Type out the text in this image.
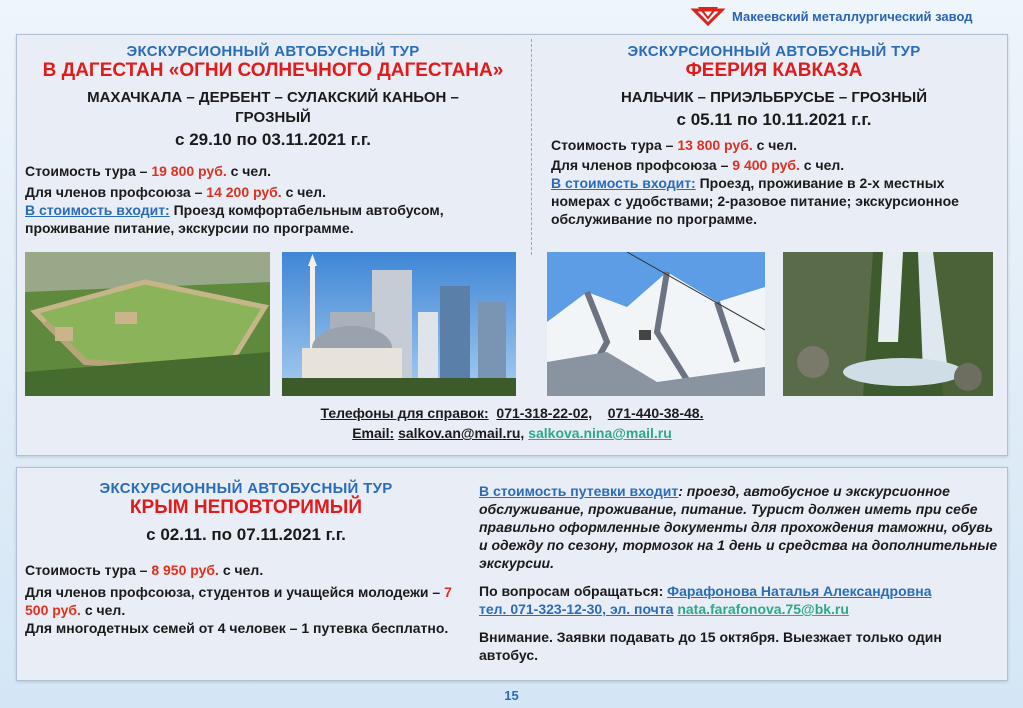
Макеевский металлургический завод
ЭКСКУРСИОННЫЙ АВТОБУСНЫЙ ТУР
В ДАГЕСТАН «ОГНИ СОЛНЕЧНОГО ДАГЕСТАНА»
МАХАЧКАЛА – ДЕРБЕНТ – СУЛАКСКИЙ КАНЬОН – ГРОЗНЫЙ
с 29.10 по 03.11.2021 г.г.
Стоимость тура – 19 800 руб. с чел.
Для членов профсоюза – 14 200 руб. с чел.
В стоимость входит: Проезд комфортабельным автобусом, проживание питание, экскурсии по программе.
ЭКСКУРСИОННЫЙ АВТОБУСНЫЙ ТУР
ФЕЕРИЯ КАВКАЗА
НАЛЬЧИК – ПРИЭЛЬБРУСЬЕ – ГРОЗНЫЙ
с 05.11 по 10.11.2021 г.г.
Стоимость тура – 13 800 руб. с чел.
Для членов профсоюза – 9 400 руб. с чел.
В стоимость входит: Проезд, проживание в 2-х местных номерах с удобствами; 2-разовое питание; экскурсионное обслуживание по программе.
Телефоны для справок: 071-318-22-02, 071-440-38-48.
Email: salkov.an@mail.ru, salkova.nina@mail.ru
ЭКСКУРСИОННЫЙ АВТОБУСНЫЙ ТУР
КРЫМ НЕПОВТОРИМЫЙ
с 02.11. по 07.11.2021 г.г.
Стоимость тура – 8 950 руб. с чел.
Для членов профсоюза, студентов и учащейся молодежи – 7 500 руб. с чел.
Для многодетных семей от 4 человек – 1 путевка бесплатно.
В стоимость путевки входит: проезд, автобусное и экскурсионное обслуживание, проживание, питание. Турист должен иметь при себе правильно оформленные документы для прохождения таможни, обувь и одежду по сезону, тормозок на 1 день и средства на дополнительные экскурсии.
По вопросам обращаться: Фарафонова Наталья Александровна
тел. 071-323-12-30, эл. почта nata.farafonova.75@bk.ru
Внимание. Заявки подавать до 15 октября. Выезжает только один автобус.
15
